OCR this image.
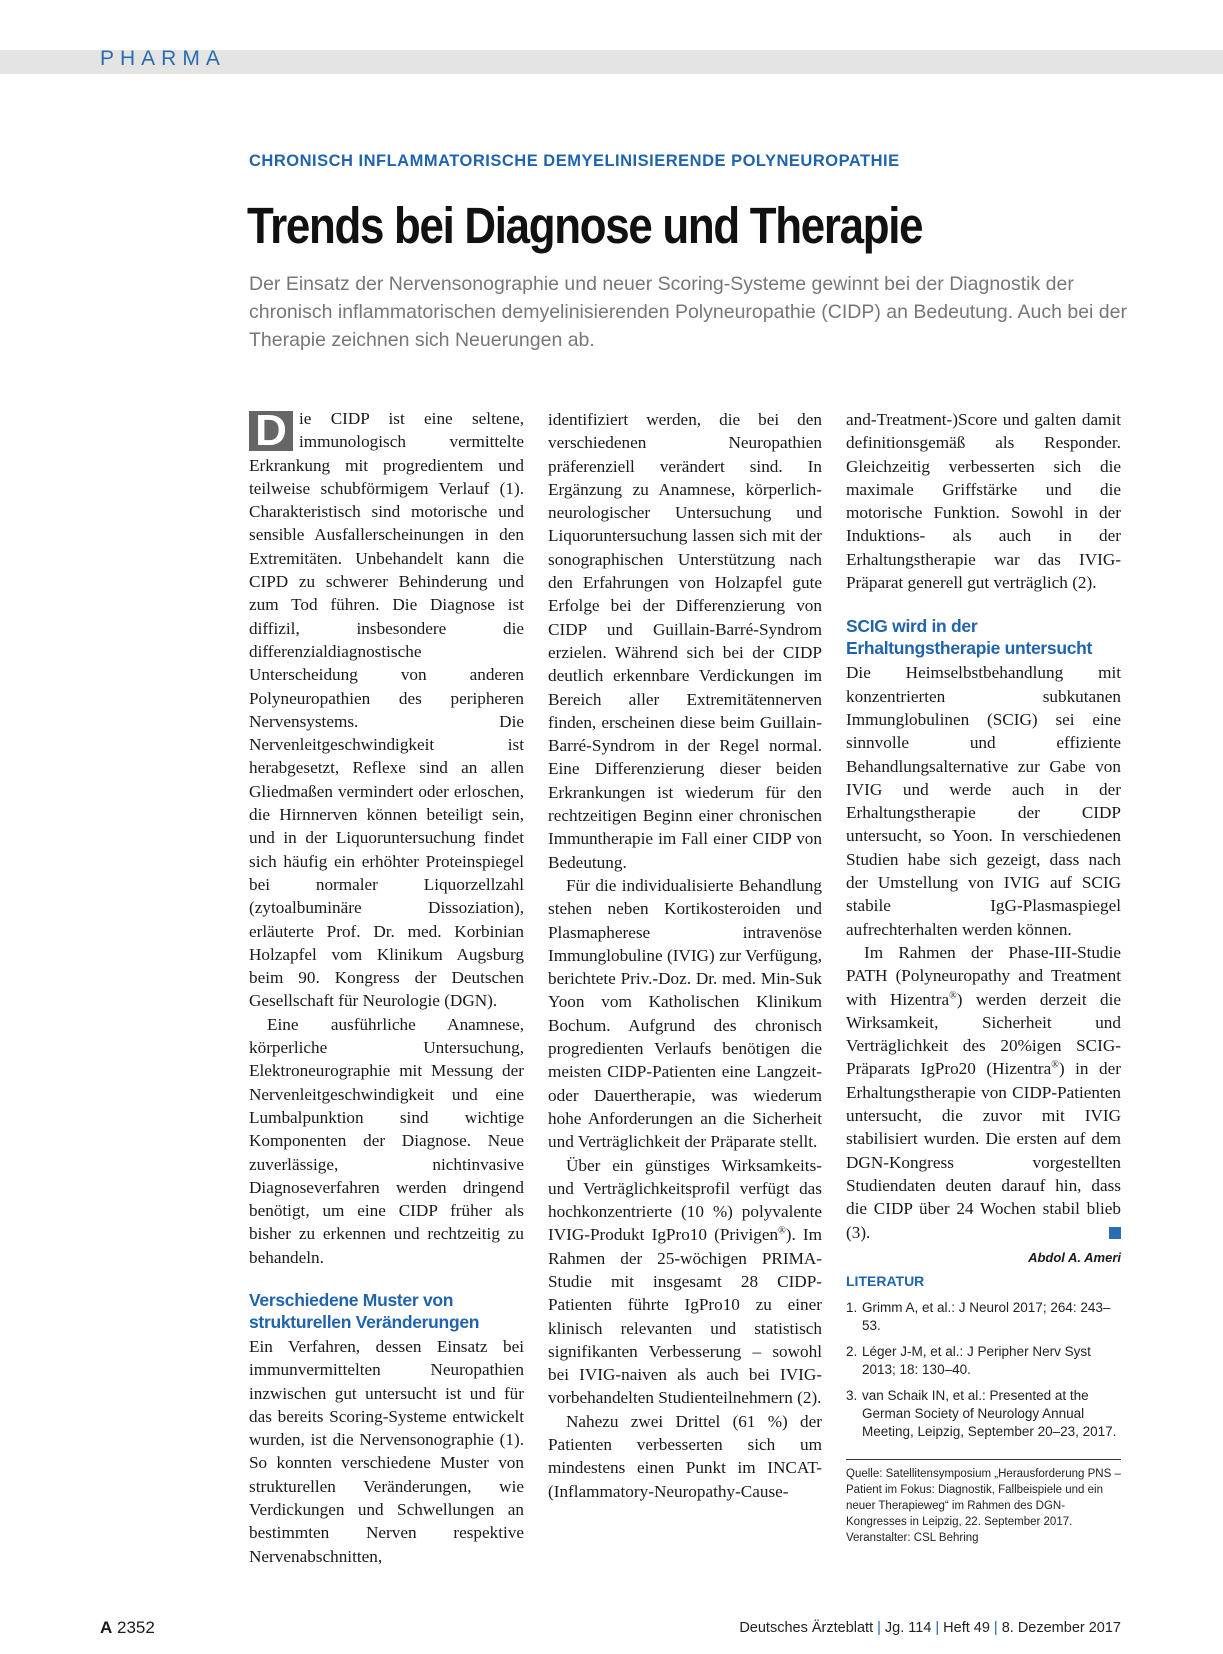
PHARMA
CHRONISCH INFLAMMATORISCHE DEMYELINISIERENDE POLYNEUROPATHIE
Trends bei Diagnose und Therapie
Der Einsatz der Nervensonographie und neuer Scoring-Systeme gewinnt bei der Diagnostik der chronisch inflammatorischen demyelinisierenden Polyneuropathie (CIDP) an Bedeutung. Auch bei der Therapie zeichnen sich Neuerungen ab.

D ie CIDP ist eine seltene, immunologisch vermittelte Erkrankung mit progredientem und teilweise schubförmigem Verlauf (1). Charakteristisch sind motorische und sensible Ausfallerscheinungen in den Extremitäten. Unbehandelt kann die CIPD zu schwerer Behinderung und zum Tod führen. Die Diagnose ist diffizil, insbesondere die differenzialdiagnostische Unterscheidung von anderen Polyneuropathien des peripheren Nervensystems. Die Nervenleitgeschwindigkeit ist herabgesetzt, Reflexe sind an allen Gliedmaßen vermindert oder erloschen, die Hirnnerven können beteiligt sein, und in der Liquoruntersuchung findet sich häufig ein erhöhter Proteinspiegel bei normaler Liquorzellzahl (zytoalbuminäre Dissoziation), erläuterte Prof. Dr. med. Korbinian Holzapfel vom Klinikum Augsburg beim 90. Kongress der Deutschen Gesellschaft für Neurologie (DGN).

Eine ausführliche Anamnese, körperliche Untersuchung, Elektroneurographie mit Messung der Nervenleitgeschwindigkeit und eine Lumbalpunktion sind wichtige Komponenten der Diagnose. Neue zuverlässige, nichtinvasive Diagnoseverfahren werden dringend benötigt, um eine CIDP früher als bisher zu erkennen und rechtzeitig zu behandeln.

Verschiedene Muster von strukturellen Veränderungen

Ein Verfahren, dessen Einsatz bei immunvermittelten Neuropathien inzwischen gut untersucht ist und für das bereits Scoring-Systeme entwickelt wurden, ist die Nervensonographie (1). So konnten verschiedene Muster von strukturellen Veränderungen, wie Verdickungen und Schwellungen an bestimmten Nerven respektive Nervenabschnitten,

identifiziert werden, die bei den verschiedenen Neuropathien präferenziell verändert sind. In Ergänzung zu Anamnese, körperlich-neurologischer Untersuchung und Liquoruntersuchung lassen sich mit der sonographischen Unterstützung nach den Erfahrungen von Holzapfel gute Erfolge bei der Differenzierung von CIDP und Guillain-Barré-Syndrom erzielen. Während sich bei der CIDP deutlich erkennbare Verdickungen im Bereich aller Extremitätennerven finden, erscheinen diese beim Guillain-Barré-Syndrom in der Regel normal. Eine Differenzierung dieser beiden Erkrankungen ist wiederum für den rechtzeitigen Beginn einer chronischen Immuntherapie im Fall einer CIDP von Bedeutung.

Für die individualisierte Behandlung stehen neben Kortikosteroiden und Plasmapherese intravenöse Immunglobuline (IVIG) zur Verfügung, berichtete Priv.-Doz. Dr. med. Min-Suk Yoon vom Katholischen Klinikum Bochum. Aufgrund des chronisch progredienten Verlaufs benötigen die meisten CIDP-Patienten eine Langzeit- oder Dauertherapie, was wiederum hohe Anforderungen an die Sicherheit und Verträglichkeit der Präparate stellt.

Über ein günstiges Wirksamkeits- und Verträglichkeitsprofil verfügt das hochkonzentrierte (10 %) polyvalente IVIG-Produkt IgPro10 (Privigen®). Im Rahmen der 25-wöchigen PRIMA-Studie mit insgesamt 28 CIDP-Patienten führte IgPro10 zu einer klinisch relevanten und statistisch signifikanten Verbesserung – sowohl bei IVIG-naiven als auch bei IVIG-vorbehandelten Studienteilnehmern (2).

Nahezu zwei Drittel (61 %) der Patienten verbesserten sich um mindestens einen Punkt im INCAT-(Inflammatory-Neuropathy-Cause-

and-Treatment-)Score und galten damit definitionsgemäß als Responder. Gleichzeitig verbesserten sich die maximale Griffstärke und die motorische Funktion. Sowohl in der Induktions- als auch in der Erhaltungstherapie war das IVIG-Präparat generell gut verträglich (2).

SCIG wird in der Erhaltungstherapie untersucht

Die Heimselbstbehandlung mit konzentrierten subkutanen Immunglobulinen (SCIG) sei eine sinnvolle und effiziente Behandlungsalternative zur Gabe von IVIG und werde auch in der Erhaltungstherapie der CIDP untersucht, so Yoon. In verschiedenen Studien habe sich gezeigt, dass nach der Umstellung von IVIG auf SCIG stabile IgG-Plasmaspiegel aufrechterhalten werden können.

Im Rahmen der Phase-III-Studie PATH (Polyneuropathy and Treatment with Hizentra®) werden derzeit die Wirksamkeit, Sicherheit und Verträglichkeit des 20%igen SCIG-Präparats IgPro20 (Hizentra®) in der Erhaltungstherapie von CIDP-Patienten untersucht, die zuvor mit IVIG stabilisiert wurden. Die ersten auf dem DGN-Kongress vorgestellten Studiendaten deuten darauf hin, dass die CIDP über 24 Wochen stabil blieb (3).

Abdol A. Ameri
LITERATUR
1. Grimm A, et al.: J Neurol 2017; 264: 243–53.
2. Léger J-M, et al.: J Peripher Nerv Syst 2013; 18: 130–40.
3. van Schaik IN, et al.: Presented at the German Society of Neurology Annual Meeting, Leipzig, September 20–23, 2017.
Quelle: Satellitensymposium „Herausforderung PNS – Patient im Fokus: Diagnostik, Fallbeispiele und ein neuer Therapieweg“ im Rahmen des DGN-Kongresses in Leipzig, 22. September 2017. Veranstalter: CSL Behring
A 2352	Deutsches Ärzteblatt | Jg. 114 | Heft 49 | 8. Dezember 2017
